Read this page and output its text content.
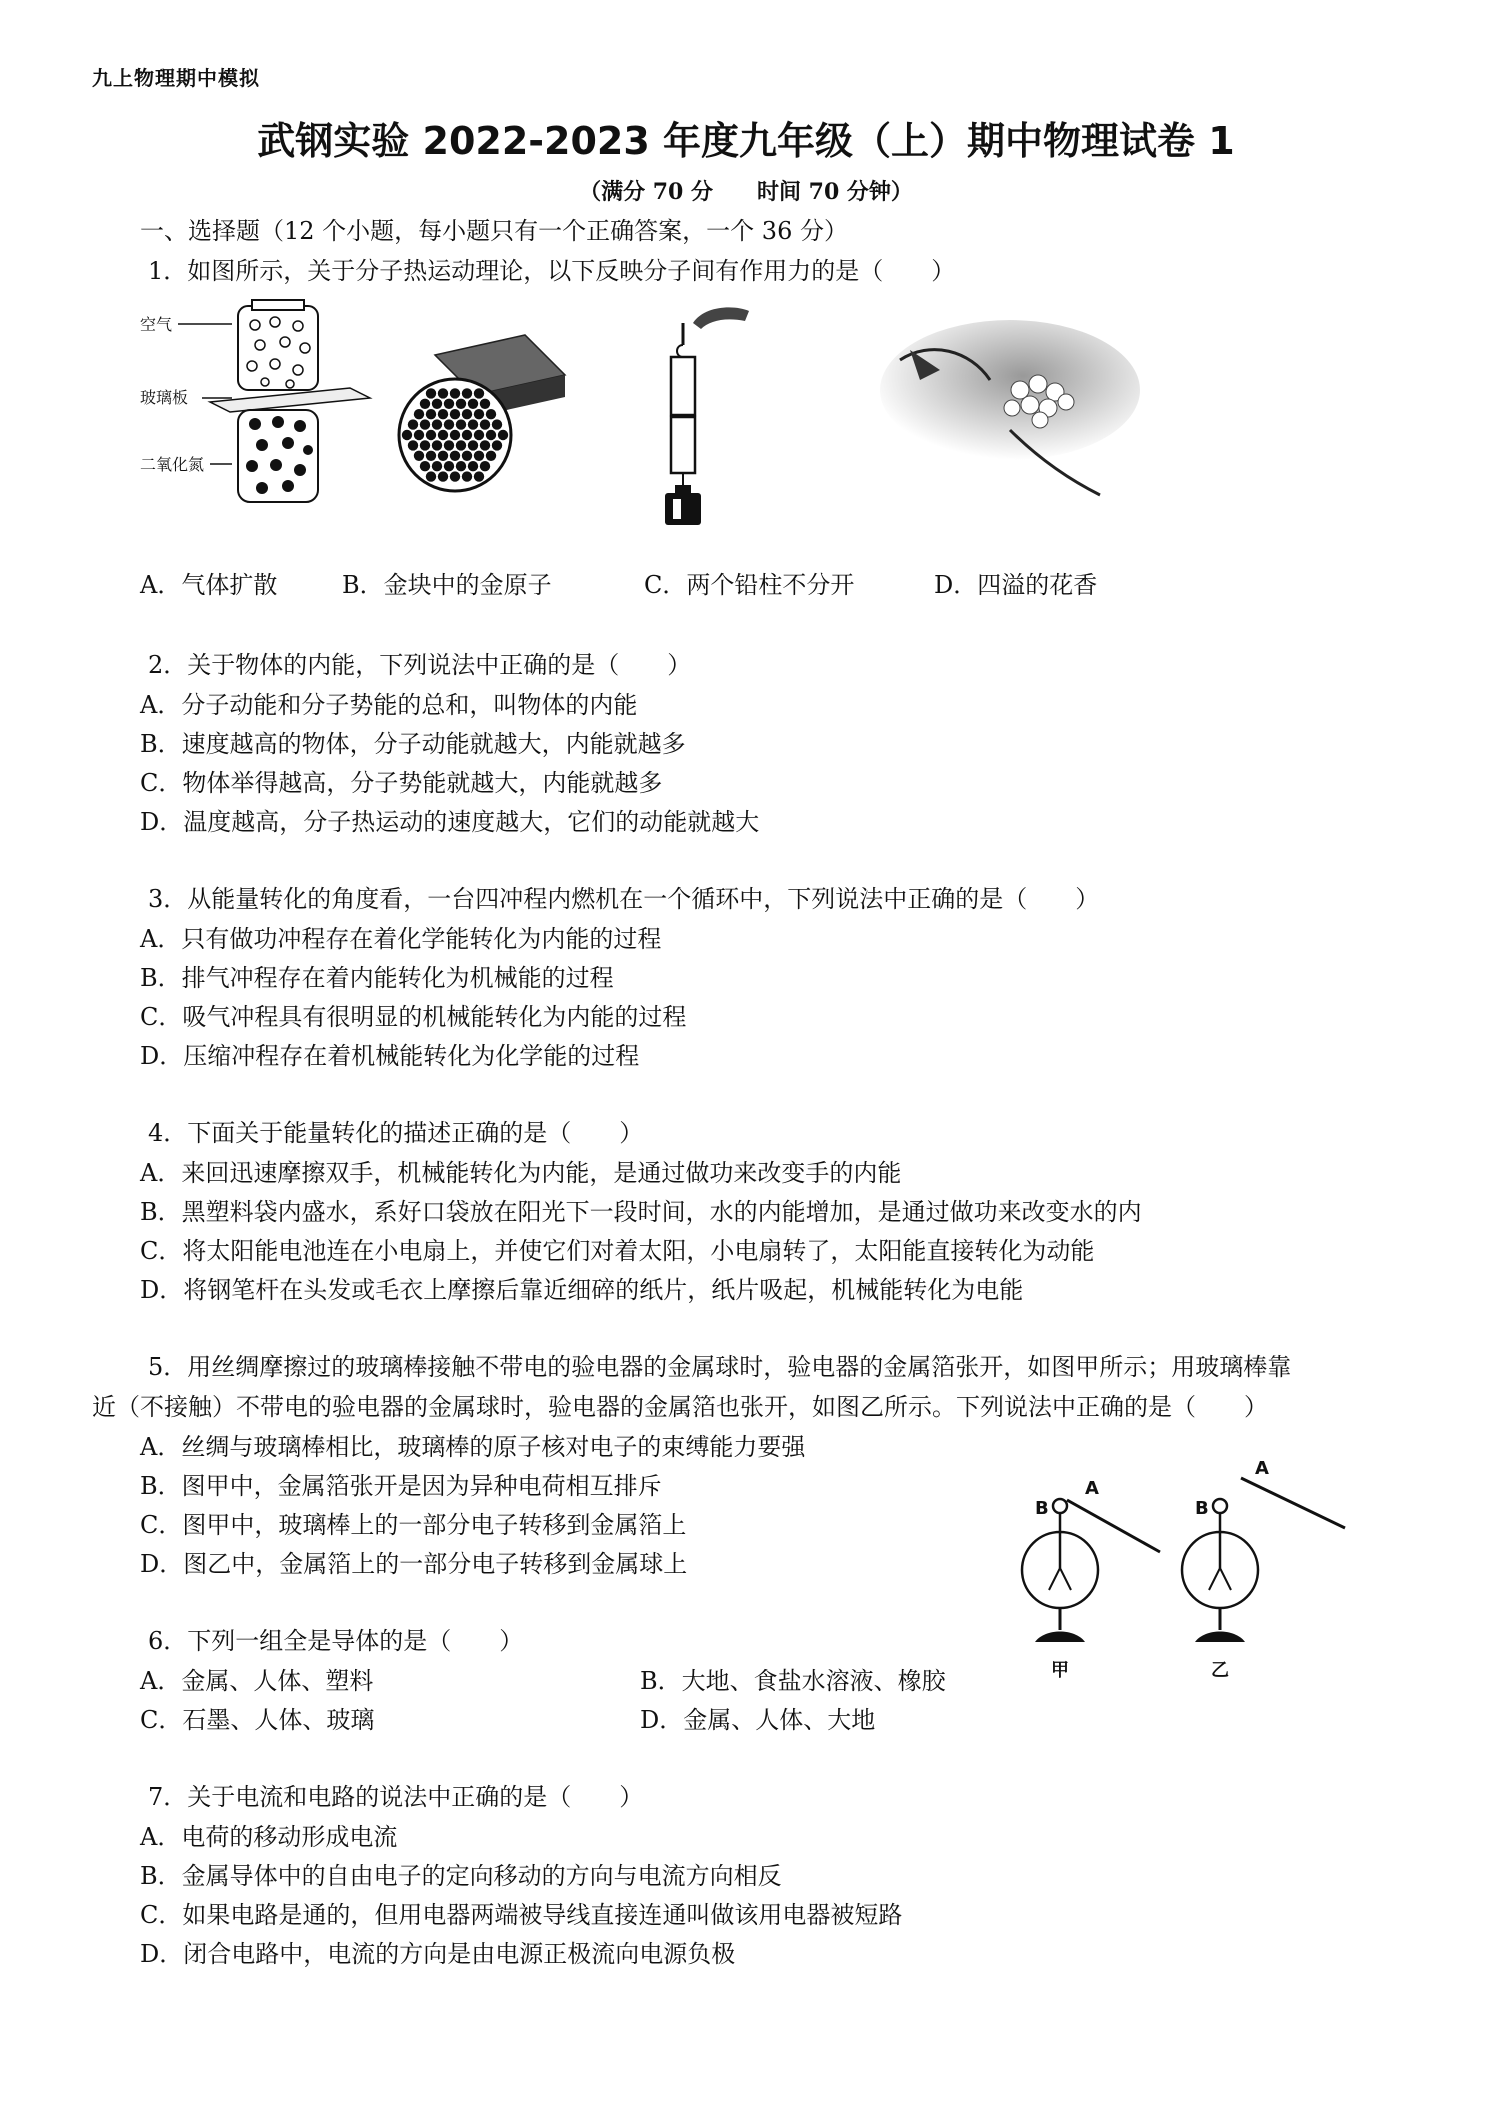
九上物理期中模拟
武钢实验 2022-2023 年度九年级（上）期中物理试卷 1
（满分 70 分　　时间 70 分钟）
一、选择题（12 个小题，每小题只有一个正确答案，一个 36 分）
1．如图所示，关于分子热运动理论，以下反映分子间有作用力的是（　　）
空气
玻璃板
二氧化氮
A．气体扩散	B．金块中的金原子	C．两个铅柱不分开	D．四溢的花香
2．关于物体的内能，下列说法中正确的是（　　）
A．分子动能和分子势能的总和，叫物体的内能
B．速度越高的物体，分子动能就越大，内能就越多
C．物体举得越高，分子势能就越大，内能就越多
D．温度越高，分子热运动的速度越大，它们的动能就越大
3．从能量转化的角度看，一台四冲程内燃机在一个循环中，下列说法中正确的是（　　）
A．只有做功冲程存在着化学能转化为内能的过程
B．排气冲程存在着内能转化为机械能的过程
C．吸气冲程具有很明显的机械能转化为内能的过程
D．压缩冲程存在着机械能转化为化学能的过程
4．下面关于能量转化的描述正确的是（　　）
A．来回迅速摩擦双手，机械能转化为内能，是通过做功来改变手的内能
B．黑塑料袋内盛水，系好口袋放在阳光下一段时间，水的内能增加，是通过做功来改变水的内
C．将太阳能电池连在小电扇上，并使它们对着太阳，小电扇转了，太阳能直接转化为动能
D．将钢笔杆在头发或毛衣上摩擦后靠近细碎的纸片，纸片吸起，机械能转化为电能
5．用丝绸摩擦过的玻璃棒接触不带电的验电器的金属球时，验电器的金属箔张开，如图甲所示；用玻璃棒靠
近（不接触）不带电的验电器的金属球时，验电器的金属箔也张开，如图乙所示。下列说法中正确的是（　　）
A．丝绸与玻璃棒相比，玻璃棒的原子核对电子的束缚能力要强
B．图甲中，金属箔张开是因为异种电荷相互排斥
C．图甲中，玻璃棒上的一部分电子转移到金属箔上
D．图乙中，金属箔上的一部分电子转移到金属球上
B
A
甲
B
A
乙
6．下列一组全是导体的是（　　）
A．金属、人体、塑料	B．大地、食盐水溶液、橡胶
C．石墨、人体、玻璃	D．金属、人体、大地
7．关于电流和电路的说法中正确的是（　　）
A．电荷的移动形成电流
B．金属导体中的自由电子的定向移动的方向与电流方向相反
C．如果电路是通的，但用电器两端被导线直接连通叫做该用电器被短路
D．闭合电路中，电流的方向是由电源正极流向电源负极
